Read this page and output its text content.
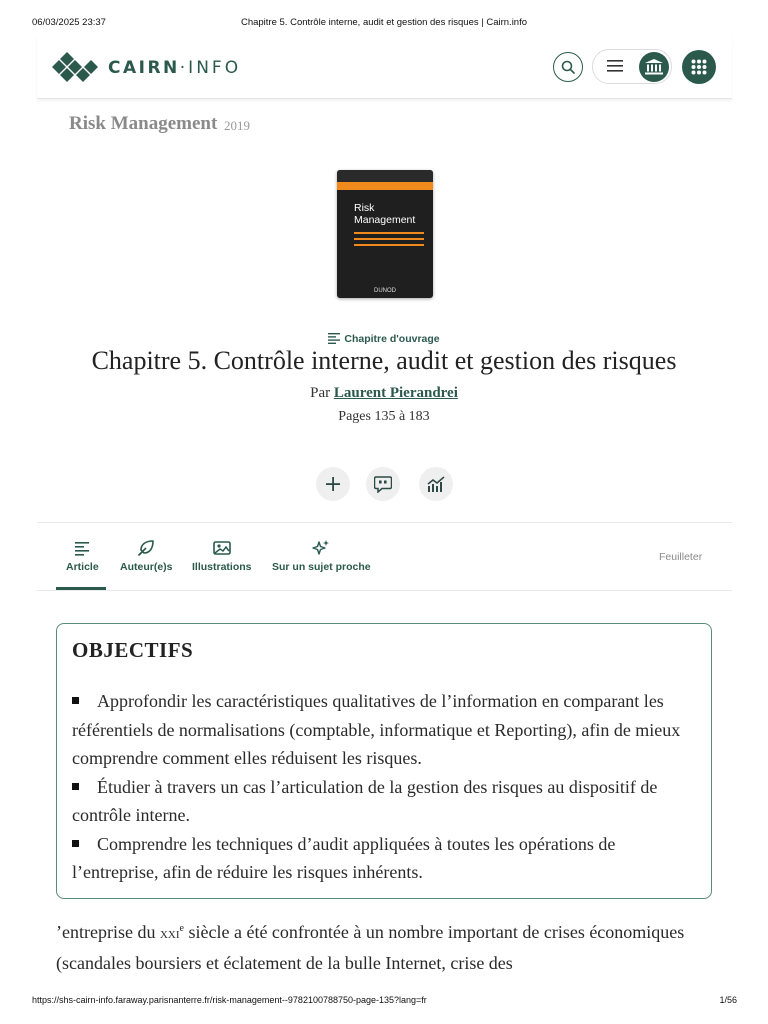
06/03/2025 23:37	Chapitre 5. Contrôle interne, audit et gestion des risques | Cairn.info
CAIRN·INFO
Risk Management 2019
Risk
Management
DUNOD
Chapitre d'ouvrage
Chapitre 5. Contrôle interne, audit et gestion des risques
Par Laurent Pierandrei
Pages 135 à 183
Article Auteur(e)s Illustrations Sur un sujet proche
Feuilleter
OBJECTIFS
Approfondir les caractéristiques qualitatives de l’information en comparant les référentiels de normalisations (comptable, informatique et Reporting), afin de mieux comprendre comment elles réduisent les risques.
Étudier à travers un cas l’articulation de la gestion des risques au dispositif de contrôle interne.
Comprendre les techniques d’audit appliquées à toutes les opérations de l’entreprise, afin de réduire les risques inhérents.
’entreprise du xxi$^e$ siècle a été confrontée à un nombre important de crises économiques (scandales boursiers et éclatement de la bulle Internet, crise des
https://shs-cairn-info.faraway.parisnanterre.fr/risk-management--9782100788750-page-135?lang=fr	1/56
